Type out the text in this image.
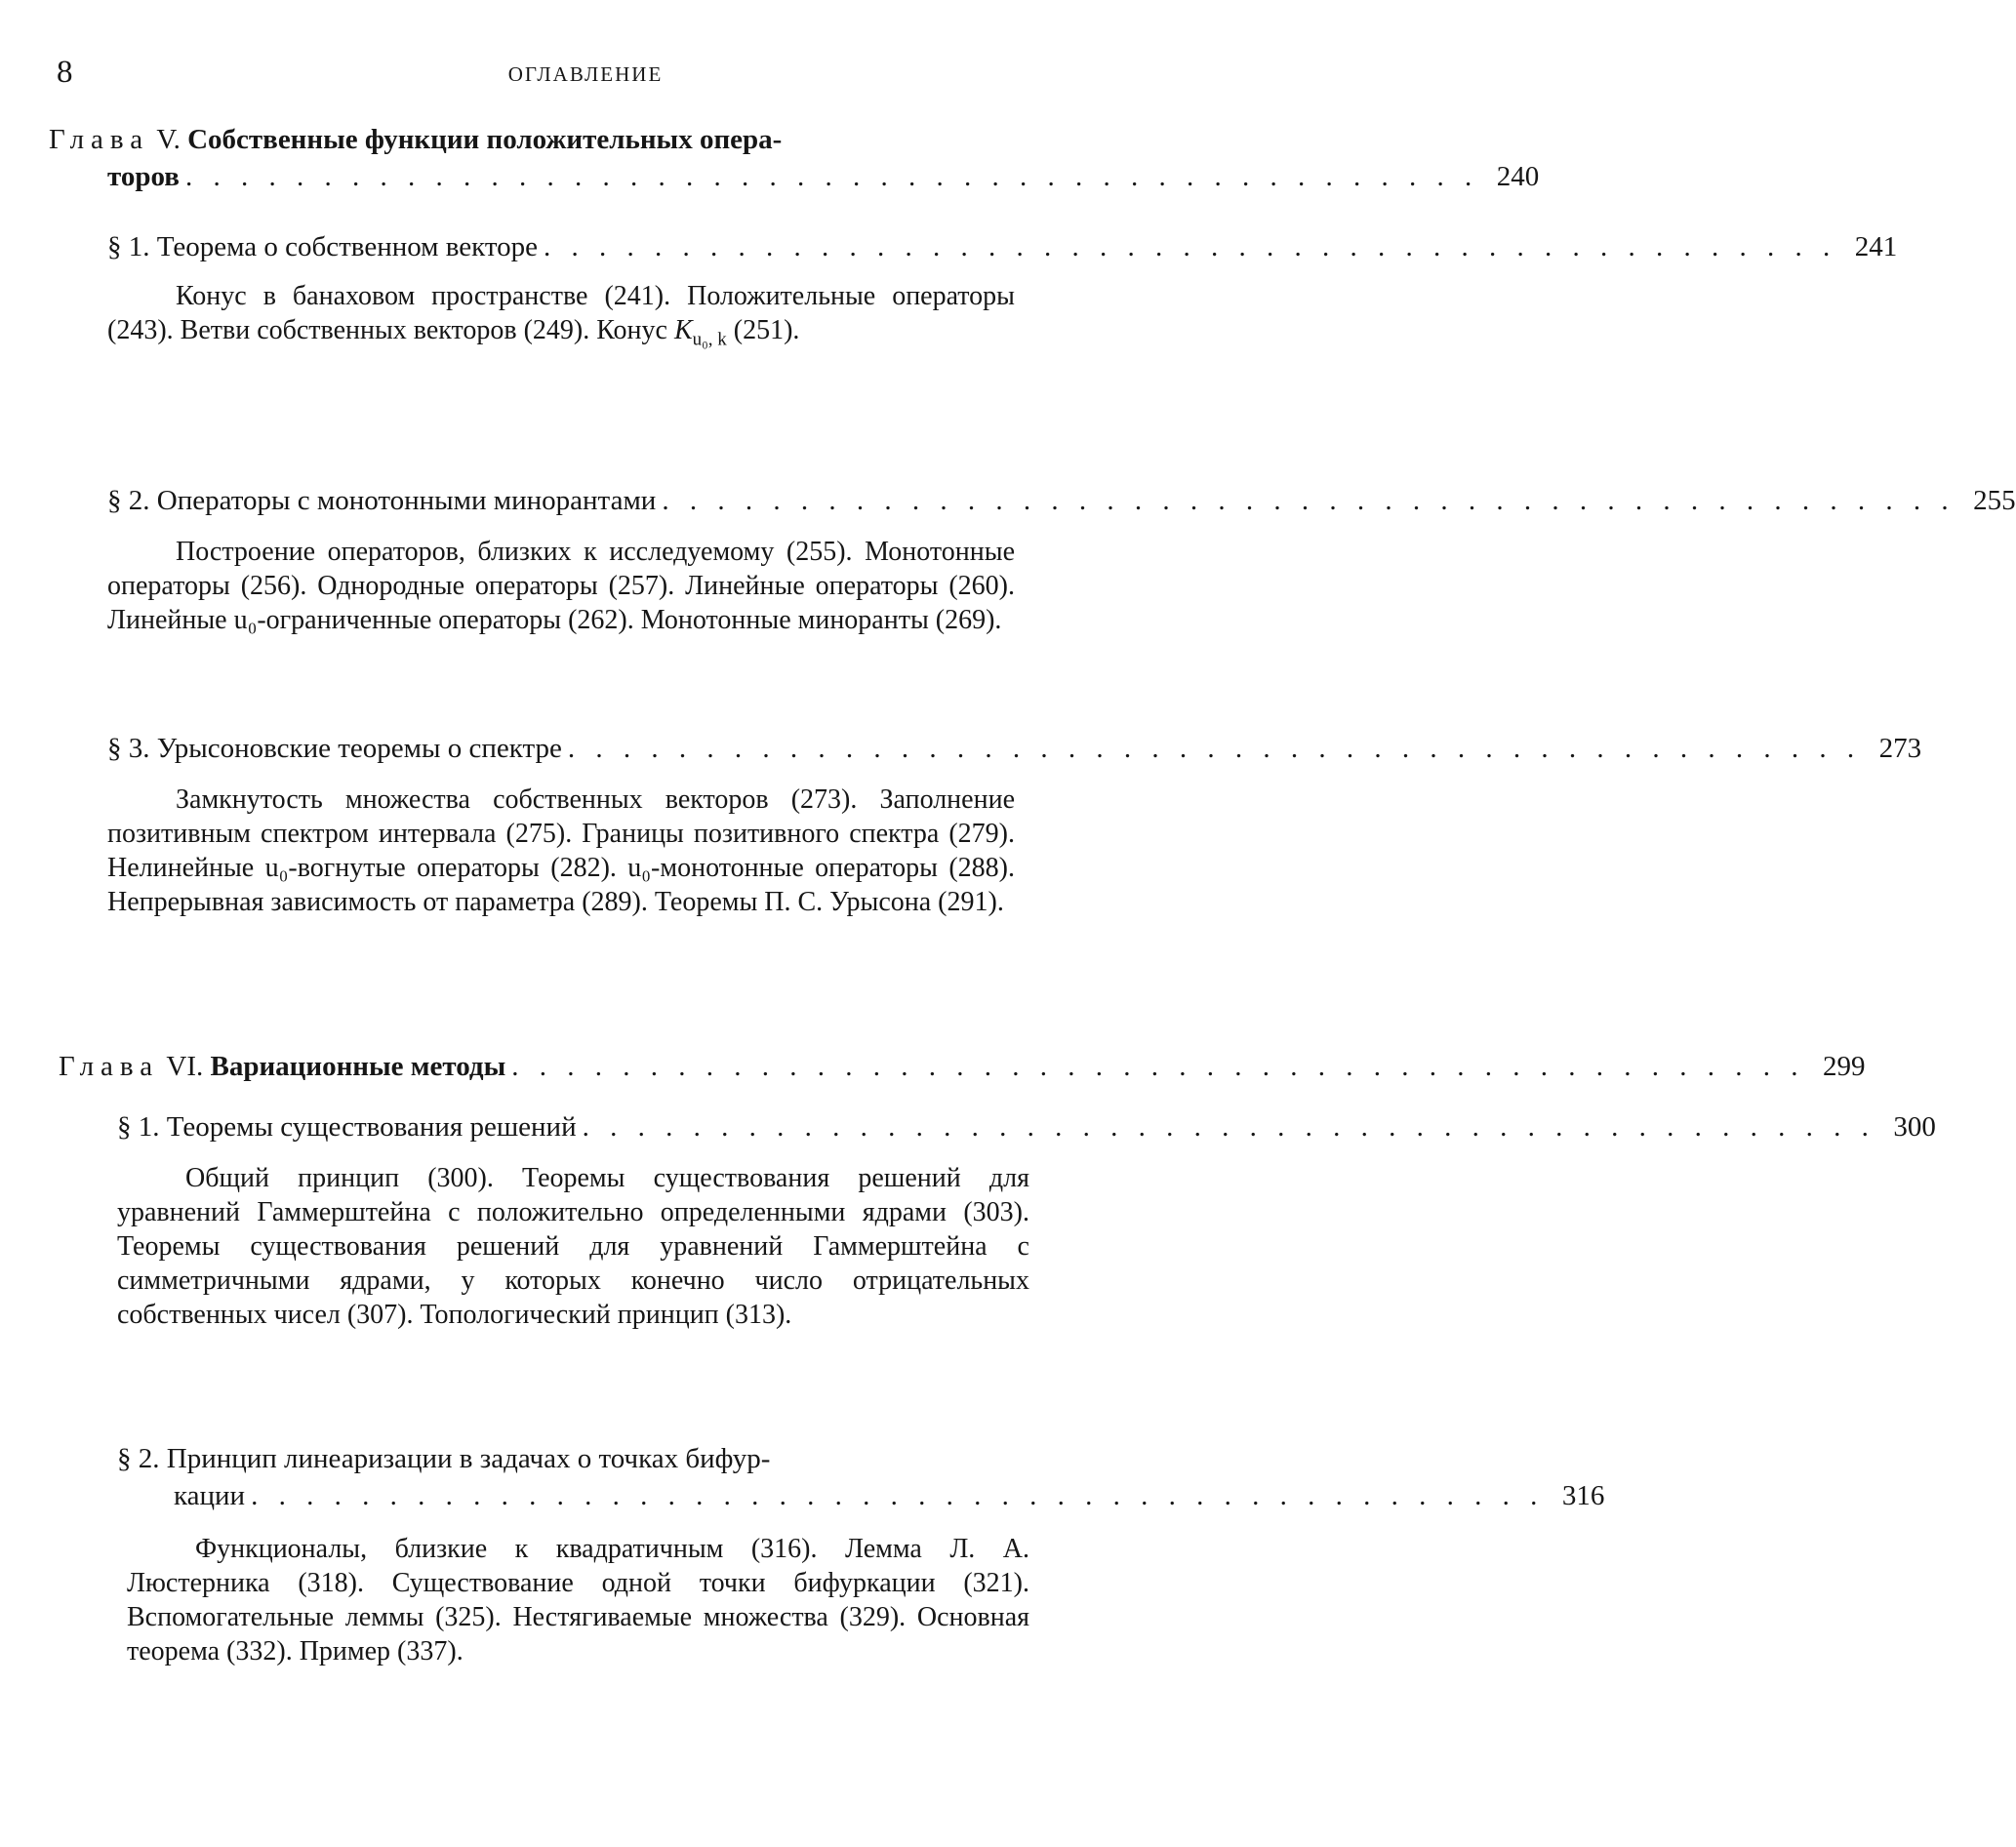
8	ОГЛАВЛЕНИЕ
Глава V. Собственные функции положительных опера-
торов . . . . . . . . . . . . . . . . . . . . . . . . . . . . . . . . . . . . . . . . . . . . . . . 240
§ 1. Теорема о собственном векторе . . . . . . . . . . . . . . . . . . . . . . . . . . . . . . . . . . . . . . . . . . . . . . . 241
Конус в банаховом пространстве (241). Положительные операторы (243). Ветви собственных векторов (249). Конус $K_{u_0, k}$ (251).
§ 2. Операторы с монотонными минорантами . . . . . . . . . . . . . . . . . . . . . . . . . . . . . . . . . . . . . . . . . . . . . . . 255
Построение операторов, близких к исследуемому (255). Монотонные операторы (256). Однородные операторы (257). Линейные операторы (260). Линейные u₀-ограниченные операторы (262). Монотонные миноранты (269).
§ 3. Урысоновские теоремы о спектре . . . . . . . . . . . . . . . . . . . . . . . . . . . . . . . . . . . . . . . . . . . . . . . 273
Замкнутость множества собственных векторов (273). Заполнение позитивным спектром интервала (275). Границы позитивного спектра (279). Нелинейные u₀-вогнутые операторы (282). u₀-монотонные операторы (288). Непрерывная зависимость от параметра (289). Теоремы П. С. Урысона (291).
Глава VI. Вариационные методы . . . . . . . . . . . . . . . . . . . . . . . . . . . . . . . . . . . . . . . . . . . . . . . 299
§ 1. Теоремы существования решений . . . . . . . . . . . . . . . . . . . . . . . . . . . . . . . . . . . . . . . . . . . . . . . 300
Общий принцип (300). Теоремы существования решений для уравнений Гаммерштейна с положительно определенными ядрами (303). Теоремы существования решений для уравнений Гаммерштейна с симметричными ядрами, у которых конечно число отрицательных собственных чисел (307). Топологический принцип (313).
§ 2. Принцип линеаризации в задачах о точках бифур-
кации . . . . . . . . . . . . . . . . . . . . . . . . . . . . . . . . . . . . . . . . . . . . . . . 316
Функционалы, близкие к квадратичным (316). Лемма Л. А. Люстерника (318). Существование одной точки бифуркации (321). Вспомогательные леммы (325). Нестягиваемые множества (329). Основная теорема (332). Пример (337).
